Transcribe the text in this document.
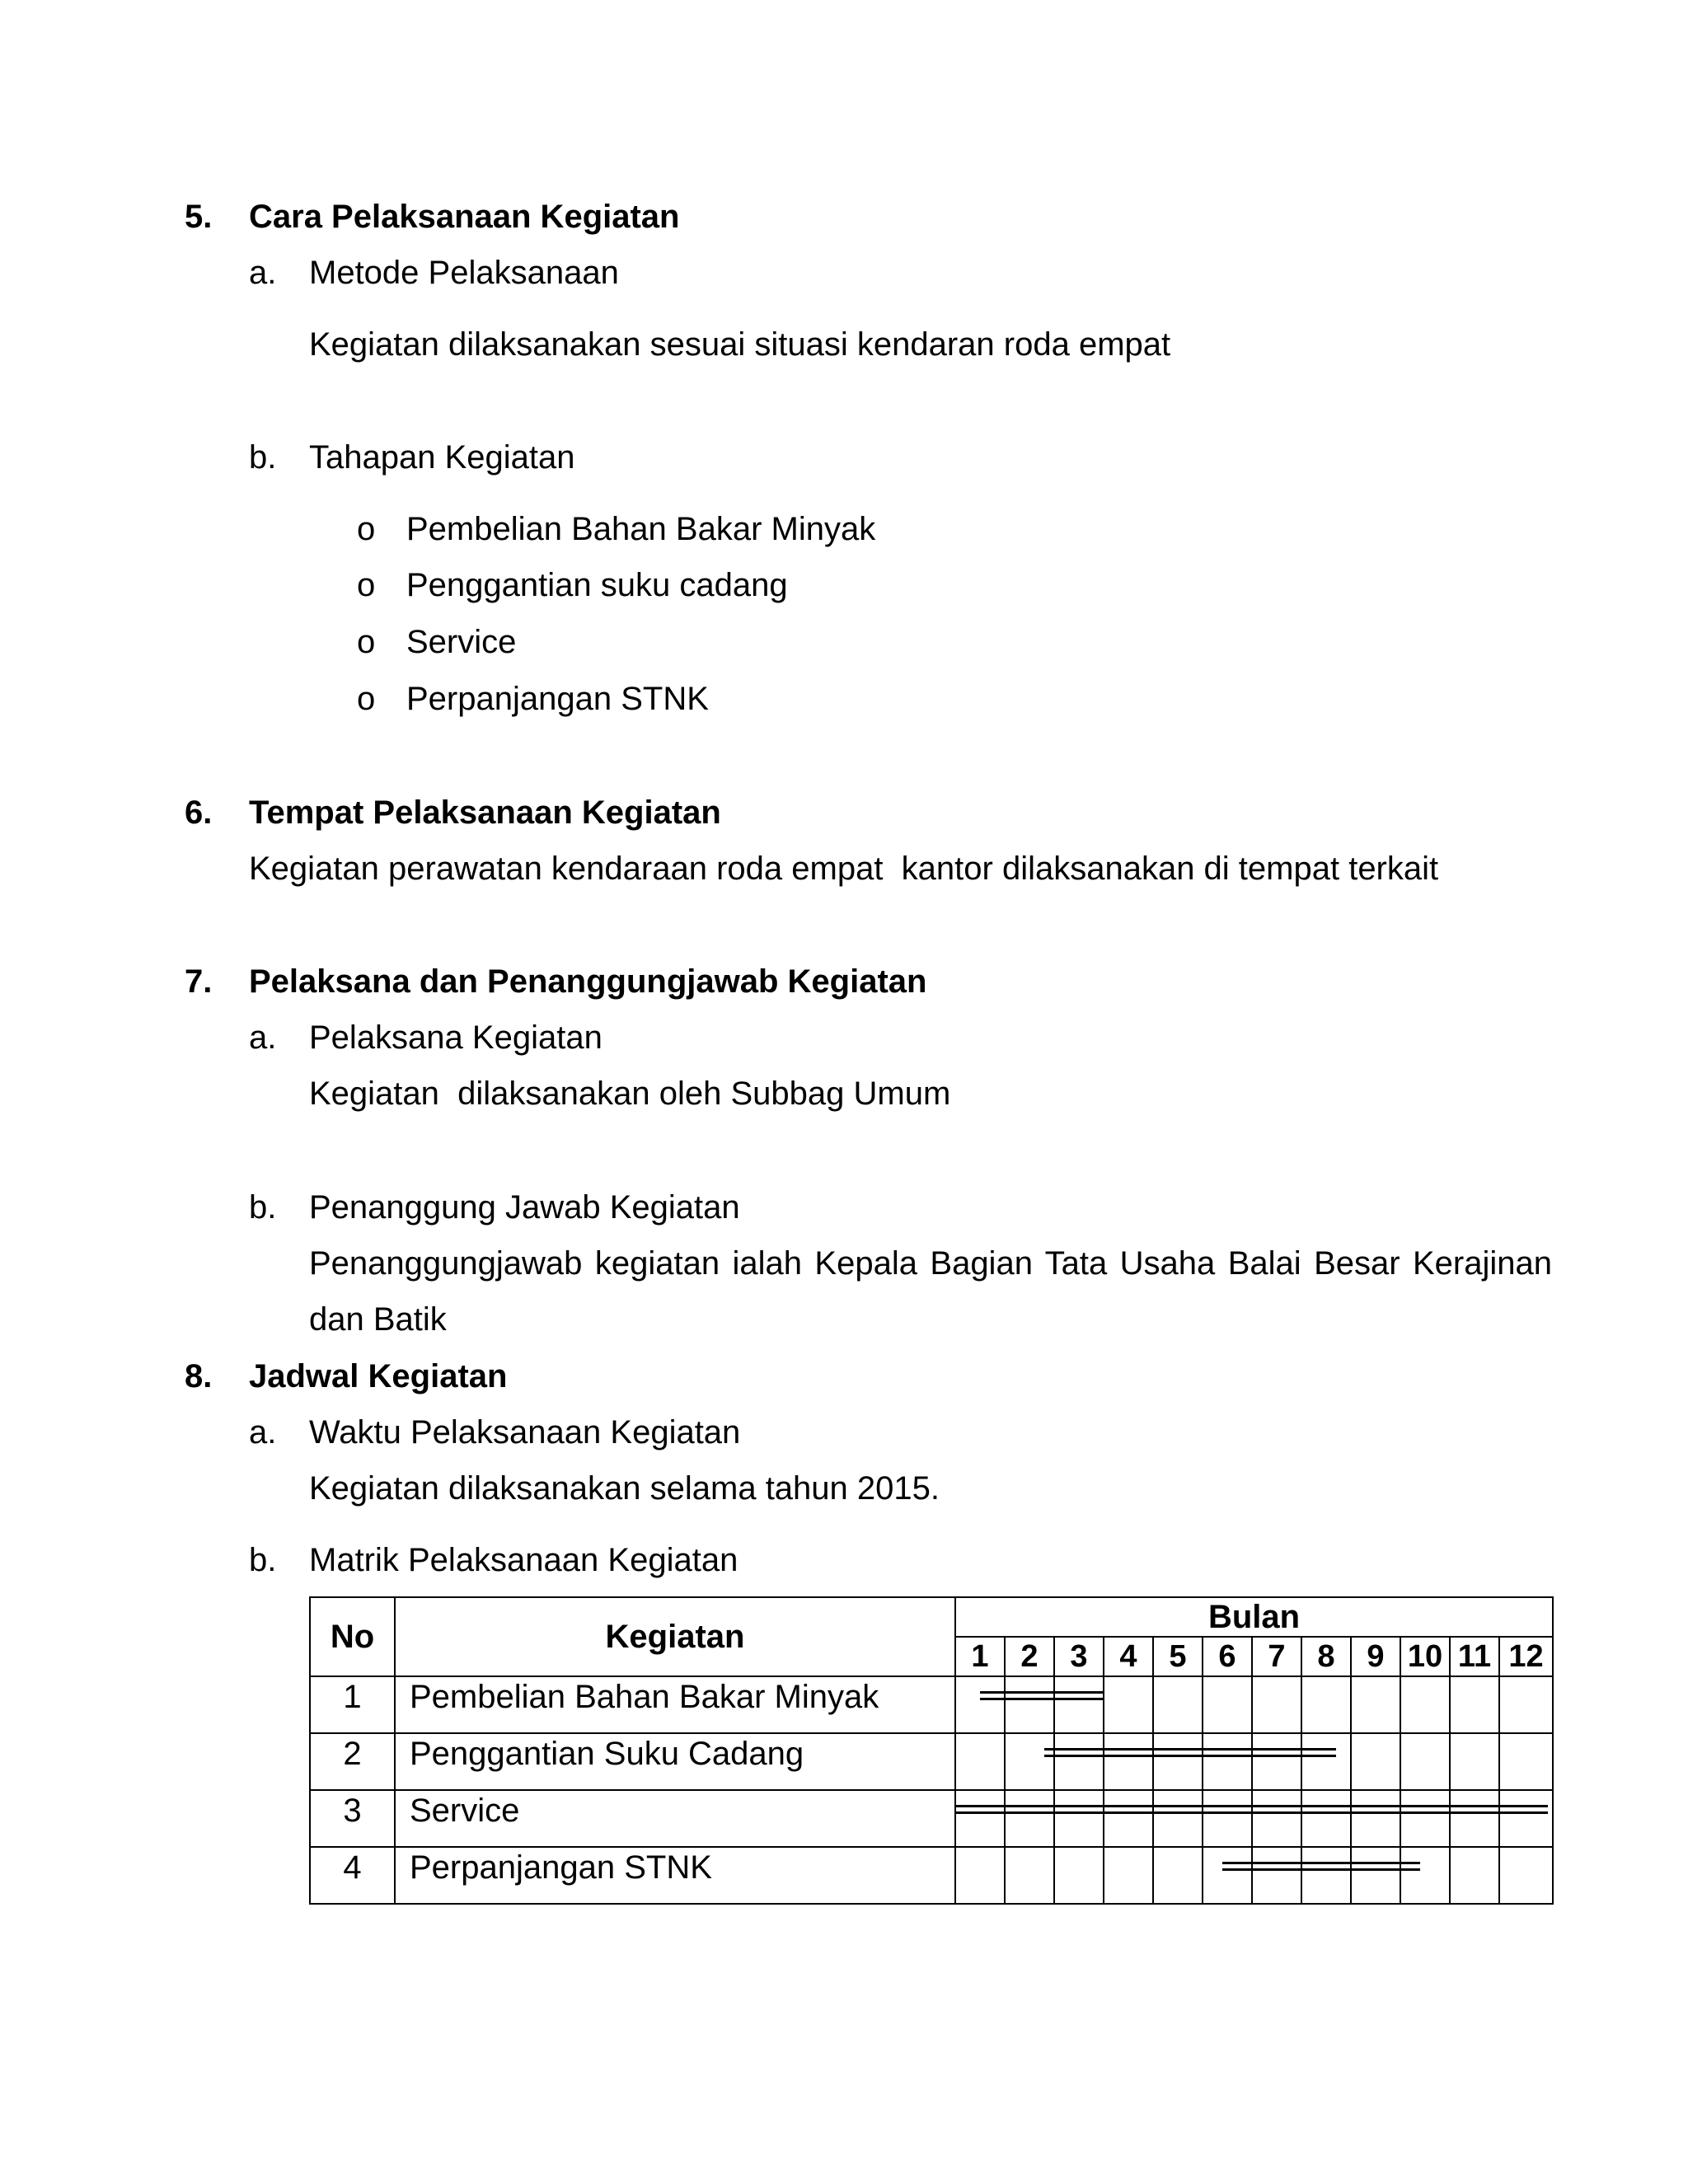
5. Cara Pelaksanaan Kegiatan
a. Metode Pelaksanaan
Kegiatan dilaksanakan sesuai situasi kendaran roda empat
b. Tahapan Kegiatan
o Pembelian Bahan Bakar Minyak
o Penggantian suku cadang
o Service
o Perpanjangan STNK
6. Tempat Pelaksanaan Kegiatan
Kegiatan perawatan kendaraan roda empat  kantor dilaksanakan di tempat terkait
7. Pelaksana dan Penanggungjawab Kegiatan
a. Pelaksana Kegiatan
Kegiatan  dilaksanakan oleh Subbag Umum
b. Penanggung Jawab Kegiatan
Penanggungjawab kegiatan ialah Kepala Bagian Tata Usaha Balai Besar Kerajinan
dan Batik
8. Jadwal Kegiatan
a. Waktu Pelaksanaan Kegiatan
Kegiatan dilaksanakan selama tahun 2015.
b. Matrik Pelaksanaan Kegiatan
No	Kegiatan	Bulan											
		1	2	3	4	5	6	7	8	9	10	11	12

1	Pembelian Bahan Bakar Minyak												

2	Penggantian Suku Cadang												

3	Service												

4	Perpanjangan STNK												
